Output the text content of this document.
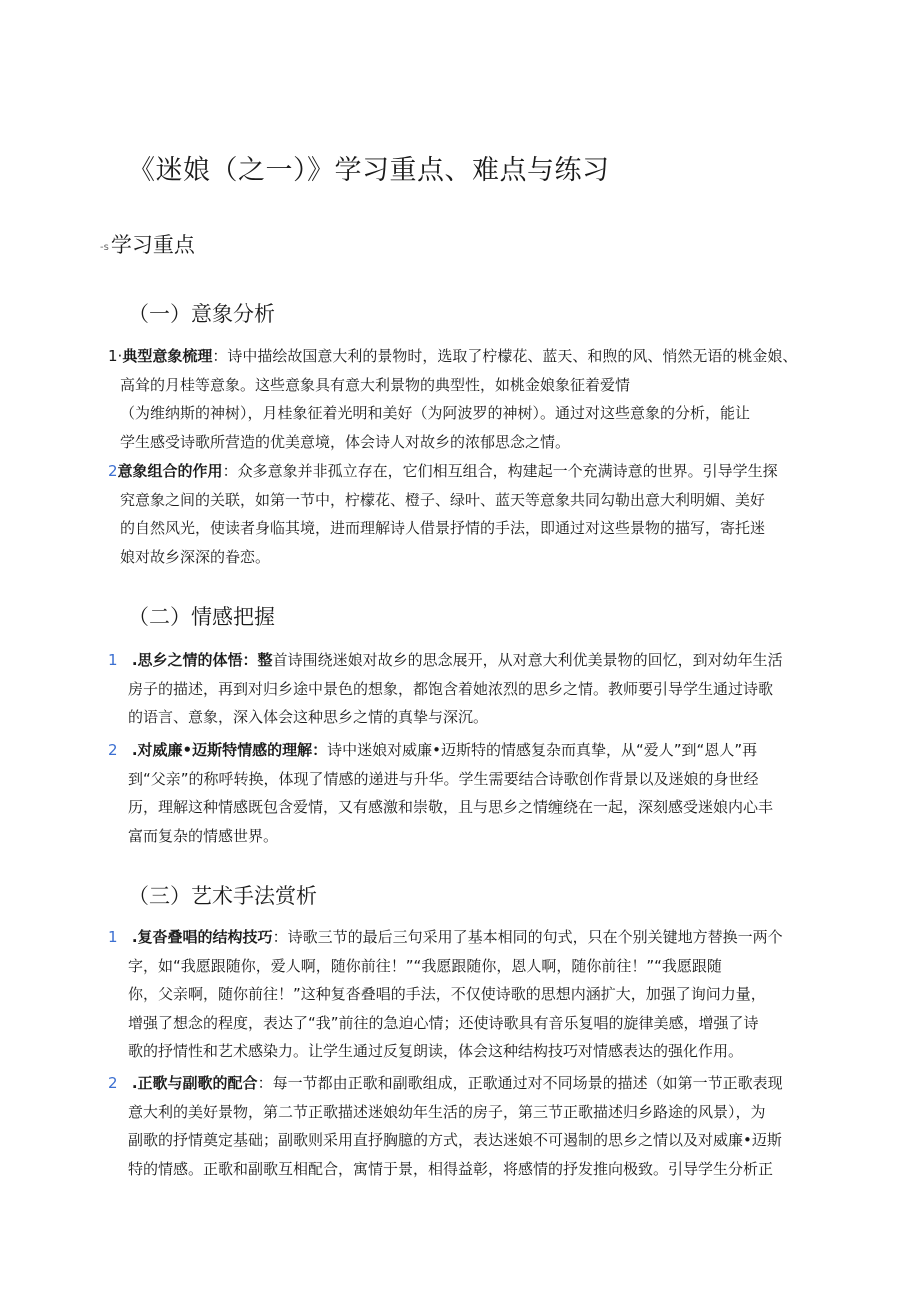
《迷娘（之一）》学习重点、难点与练习
-s学习重点
（一）意象分析
1·典型意象梳理：诗中描绘故国意大利的景物时，选取了柠檬花、蓝天、和煦的风、悄然无语的桃金娘、
高耸的月桂等意象。这些意象具有意大利景物的典型性，如桃金娘象征着爱情
（为维纳斯的神树），月桂象征着光明和美好（为阿波罗的神树）。通过对这些意象的分析，能让
学生感受诗歌所营造的优美意境，体会诗人对故乡的浓郁思念之情。
2意象组合的作用：众多意象并非孤立存在，它们相互组合，构建起一个充满诗意的世界。引导学生探
究意象之间的关联，如第一节中，柠檬花、橙子、绿叶、蓝天等意象共同勾勒出意大利明媚、美好
的自然风光，使读者身临其境，进而理解诗人借景抒情的手法，即通过对这些景物的描写，寄托迷
娘对故乡深深的眷恋。
（二）情感把握
1 .思乡之情的体悟：整首诗围绕迷娘对故乡的思念展开，从对意大利优美景物的回忆，到对幼年生活
房子的描述，再到对归乡途中景色的想象，都饱含着她浓烈的思乡之情。教师要引导学生通过诗歌
的语言、意象，深入体会这种思乡之情的真挚与深沉。
2 .对威廉•迈斯特情感的理解：诗中迷娘对威廉•迈斯特的情感复杂而真挚，从“爱人”到“恩人”再
到“父亲”的称呼转换，体现了情感的递进与升华。学生需要结合诗歌创作背景以及迷娘的身世经
历，理解这种情感既包含爱情，又有感激和崇敬，且与思乡之情缠绕在一起，深刻感受迷娘内心丰
富而复杂的情感世界。
（三）艺术手法赏析
1 .复沓叠唱的结构技巧：诗歌三节的最后三句采用了基本相同的句式，只在个别关键地方替换一两个
字，如“我愿跟随你，爱人啊，随你前往！”“我愿跟随你，恩人啊，随你前往！”“我愿跟随
你，父亲啊，随你前往！”这种复沓叠唱的手法，不仅使诗歌的思想内涵扩大，加强了询问力量，
增强了想念的程度，表达了“我”前往的急迫心情；还使诗歌具有音乐复唱的旋律美感，增强了诗
歌的抒情性和艺术感染力。让学生通过反复朗读，体会这种结构技巧对情感表达的强化作用。
2 .正歌与副歌的配合：每一节都由正歌和副歌组成，正歌通过对不同场景的描述（如第一节正歌表现
意大利的美好景物，第二节正歌描述迷娘幼年生活的房子，第三节正歌描述归乡路途的风景），为
副歌的抒情奠定基础；副歌则采用直抒胸臆的方式，表达迷娘不可遏制的思乡之情以及对威廉•迈斯
特的情感。正歌和副歌互相配合，寓情于景，相得益彰，将感情的抒发推向极致。引导学生分析正
